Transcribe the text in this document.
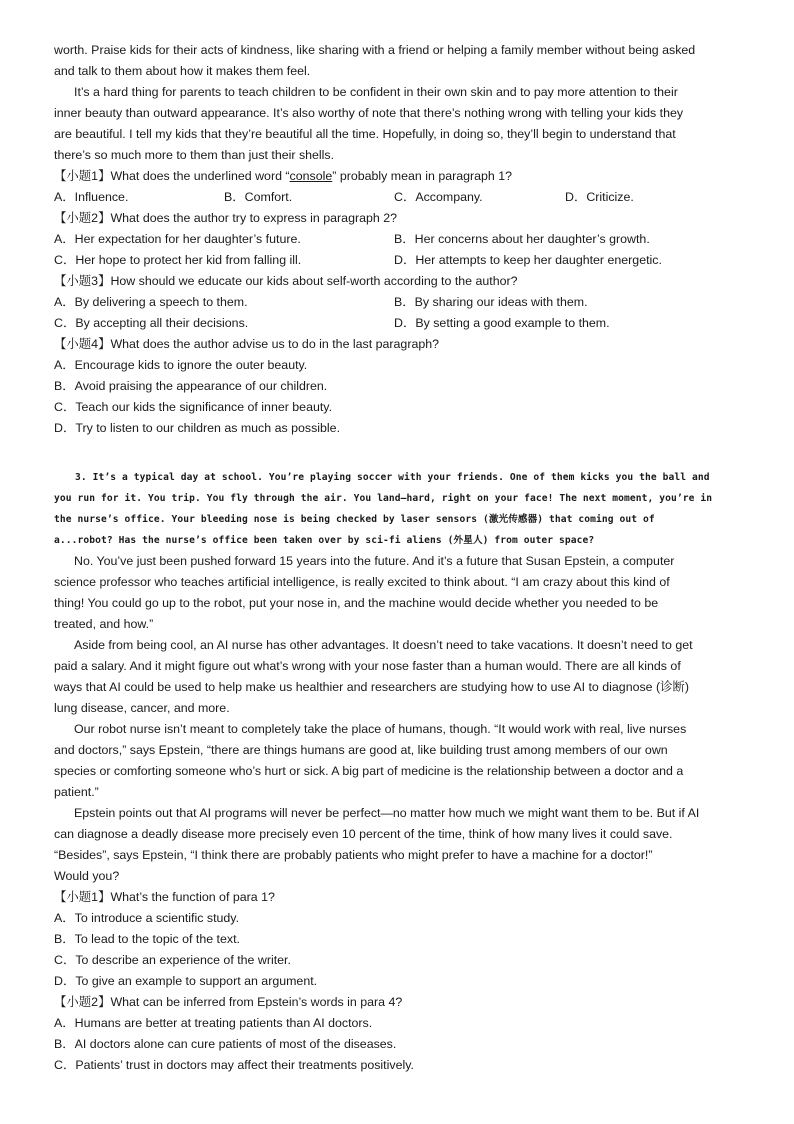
worth. Praise kids for their acts of kindness, like sharing with a friend or helping a family member without being asked
and talk to them about how it makes them feel.
It’s a hard thing for parents to teach children to be confident in their own skin and to pay more attention to their
inner beauty than outward appearance. It’s also worthy of note that there’s nothing wrong with telling your kids they
are beautiful. I tell my kids that they’re beautiful all the time. Hopefully, in doing so, they’ll begin to understand that
there’s so much more to them than just their shells.
【小题1】What does the underlined word “console” probably mean in paragraph 1?
A．Influence.	B．Comfort.	C．Accompany.	D．Criticize.
【小题2】What does the author try to express in paragraph 2?
A．Her expectation for her daughter’s future.	B．Her concerns about her daughter’s growth.
C．Her hope to protect her kid from falling ill.	D．Her attempts to keep her daughter energetic.
【小题3】How should we educate our kids about self-worth according to the author?
A．By delivering a speech to them.	B．By sharing our ideas with them.
C．By accepting all their decisions.	D．By setting a good example to them.
【小题4】What does the author advise us to do in the last paragraph?
A．Encourage kids to ignore the outer beauty.
B．Avoid praising the appearance of our children.
C．Teach our kids the significance of inner beauty.
D．Try to listen to our children as much as possible.
3. It’s a typical day at school. You’re playing soccer with your friends. One of them kicks you the ball and
you run for it. You trip. You fly through the air. You land—hard, right on your face! The next moment, you’re in
the nurse’s office. Your bleeding nose is being checked by laser sensors (激光传感器) that coming out of
a...robot? Has the nurse’s office been taken over by sci-fi aliens (外星人) from outer space?
No. You’ve just been pushed forward 15 years into the future. And it’s a future that Susan Epstein, a computer
science professor who teaches artificial intelligence, is really excited to think about. “I am crazy about this kind of
thing! You could go up to the robot, put your nose in, and the machine would decide whether you needed to be
treated, and how.”
Aside from being cool, an AI nurse has other advantages. It doesn’t need to take vacations. It doesn’t need to get
paid a salary. And it might figure out what’s wrong with your nose faster than a human would. There are all kinds of
ways that AI could be used to help make us healthier and researchers are studying how to use AI to diagnose (诊断)
lung disease, cancer, and more.
Our robot nurse isn’t meant to completely take the place of humans, though. “It would work with real, live nurses
and doctors,” says Epstein, “there are things humans are good at, like building trust among members of our own
species or comforting someone who’s hurt or sick. A big part of medicine is the relationship between a doctor and a
patient.”
Epstein points out that AI programs will never be perfect—no matter how much we might want them to be. But if AI
can diagnose a deadly disease more precisely even 10 percent of the time, think of how many lives it could save.
“Besides”, says Epstein, “I think there are probably patients who might prefer to have a machine for a doctor!”
Would you?
【小题1】What’s the function of para 1?
A．To introduce a scientific study.
B．To lead to the topic of the text.
C．To describe an experience of the writer.
D．To give an example to support an argument.
【小题2】What can be inferred from Epstein’s words in para 4?
A．Humans are better at treating patients than AI doctors.
B．AI doctors alone can cure patients of most of the diseases.
C．Patients’ trust in doctors may affect their treatments positively.
